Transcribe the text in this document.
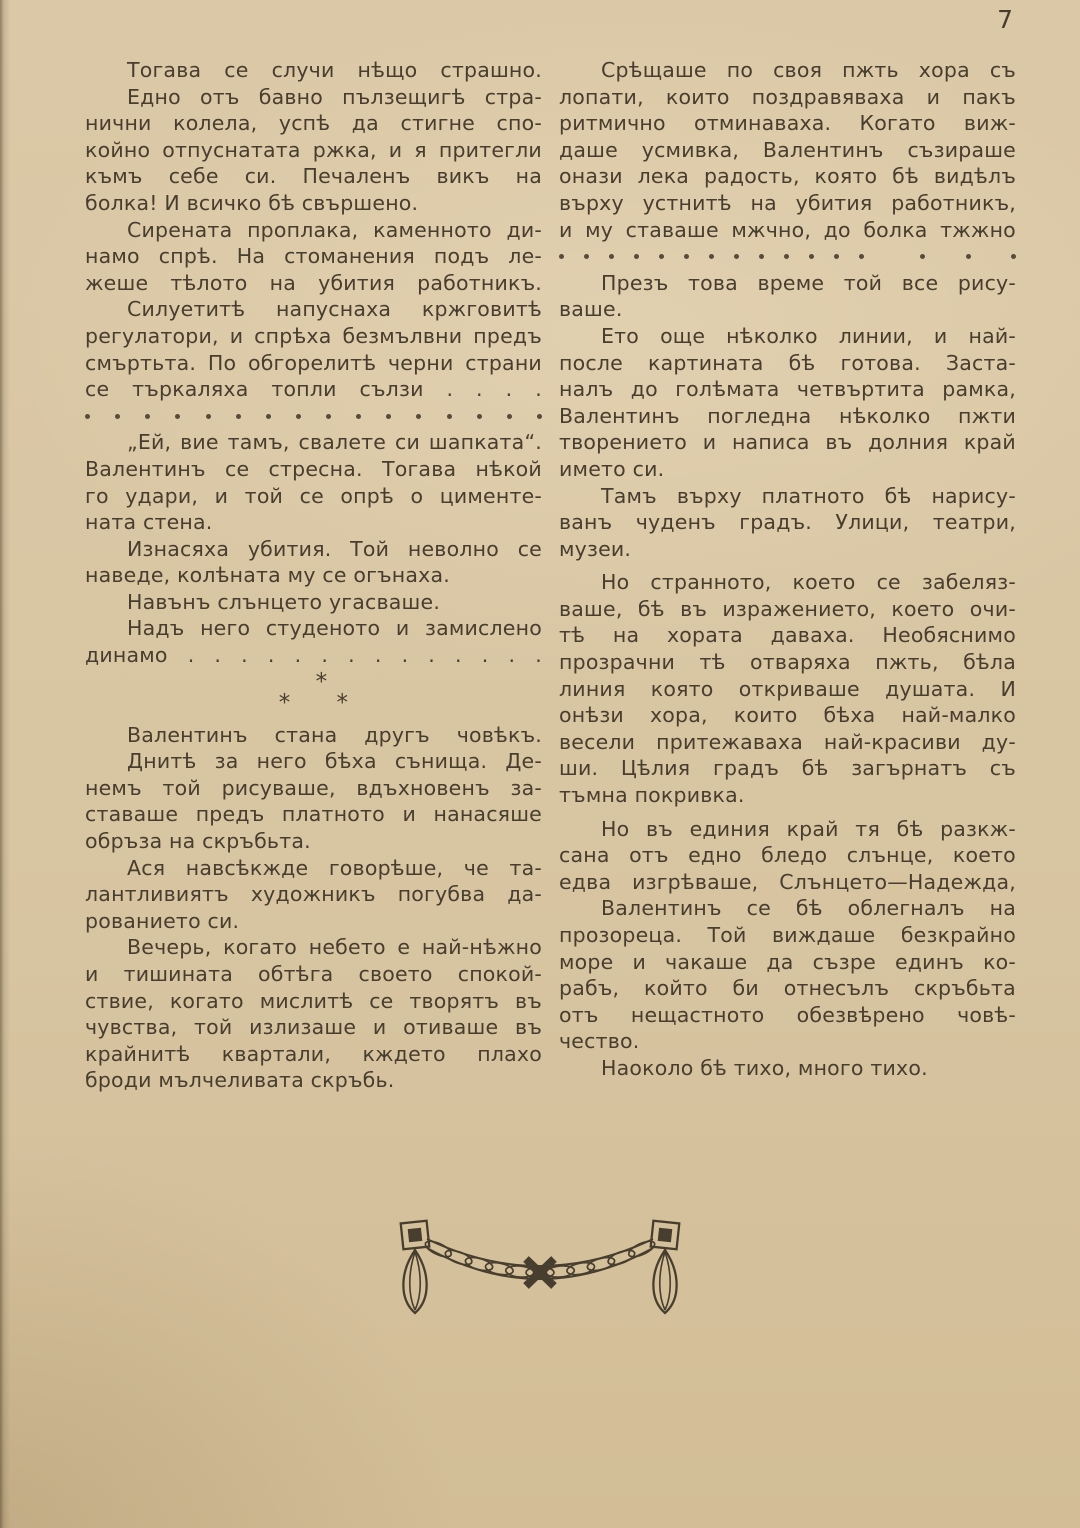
7
Тогава се случи нѣщо страшно.
Едно отъ бавно пълзещигѣ стра-
нични колела, успѣ да стигне спо-
койно отпуснатата ржка, и я притегли
къмъ себе си. Печаленъ викъ на
болка! И всичко бѣ свършено.
Сирената проплака, каменното ди-
намо спрѣ. На стоманения подъ ле-
жеше тѣлото на убития работникъ.
Силуетитѣ напуснаха кржговитѣ
регулатори, и спрѣха безмълвни предъ
смъртьта. По обгорелитѣ черни страни
се търкаляха топли сълзи . . . .
„Ей, вие тамъ, свалете си шапката“.
Валентинъ се стресна. Тогава нѣкой
го удари, и той се опрѣ о цименте-
ната стена.
Изнасяха убития. Той неволно се
наведе, колѣната му се огънаха.
Навънъ слънцето угасваше.
Надъ него студеното и замислено
динамо . . . . . . . . . . . . . .
*
* *
Валентинъ стана другъ човѣкъ.
Днитѣ за него бѣха сънища. Де-
немъ той рисуваше, вдъхновенъ за-
ставаше предъ платното и нанасяше
обръза на скръбьта.
Ася навсѣкжде говорѣше, че та-
лантливиятъ художникъ погубва да-
рованието си.
Вечерь, когато небето е най-нѣжно
и тишината обтѣга своето спокой-
ствие, когато мислитѣ се творятъ въ
чувства, той излизаше и отиваше въ
крайнитѣ квартали, кждето плахо
броди мълчеливата скръбь.
Срѣщаше по своя пжть хора съ
лопати, които поздравяваха и пакъ
ритмично отминаваха. Когато виж-
даше усмивка, Валентинъ съзираше
онази лека радость, която бѣ видѣлъ
върху устнитѣ на убития работникъ,
и му ставаше мжчно, до болка тжжно
Презъ това време той все рису-
ваше.
Ето още нѣколко линии, и най-
после картината бѣ готова. Заста-
налъ до голѣмата четвъртита рамка,
Валентинъ погледна нѣколко пжти
творението и написа въ долния край
името си.
Тамъ върху платното бѣ нарису-
ванъ чуденъ градъ. Улици, театри,
музеи.
Но странното, което се забеляз-
ваше, бѣ въ изражението, което очи-
тѣ на хората даваха. Необяснимо
прозрачни тѣ отваряха пжть, бѣла
линия която откриваше душата. И
онѣзи хора, които бѣха най-малко
весели притежаваха най-красиви ду-
ши. Цѣлия градъ бѣ загърнатъ съ
тъмна покривка.
Но въ единия край тя бѣ разкж-
сана отъ едно бледо слънце, което
едва изгрѣваше, Слънцето—Надежда,
Валентинъ се бѣ облегналъ на
прозореца. Той виждаше безкрайно
море и чакаше да съзре единъ ко-
рабъ, който би отнесълъ скръбьта
отъ нещастното обезвѣрено човѣ-
чество.
Наоколо бѣ тихо, много тихо.
